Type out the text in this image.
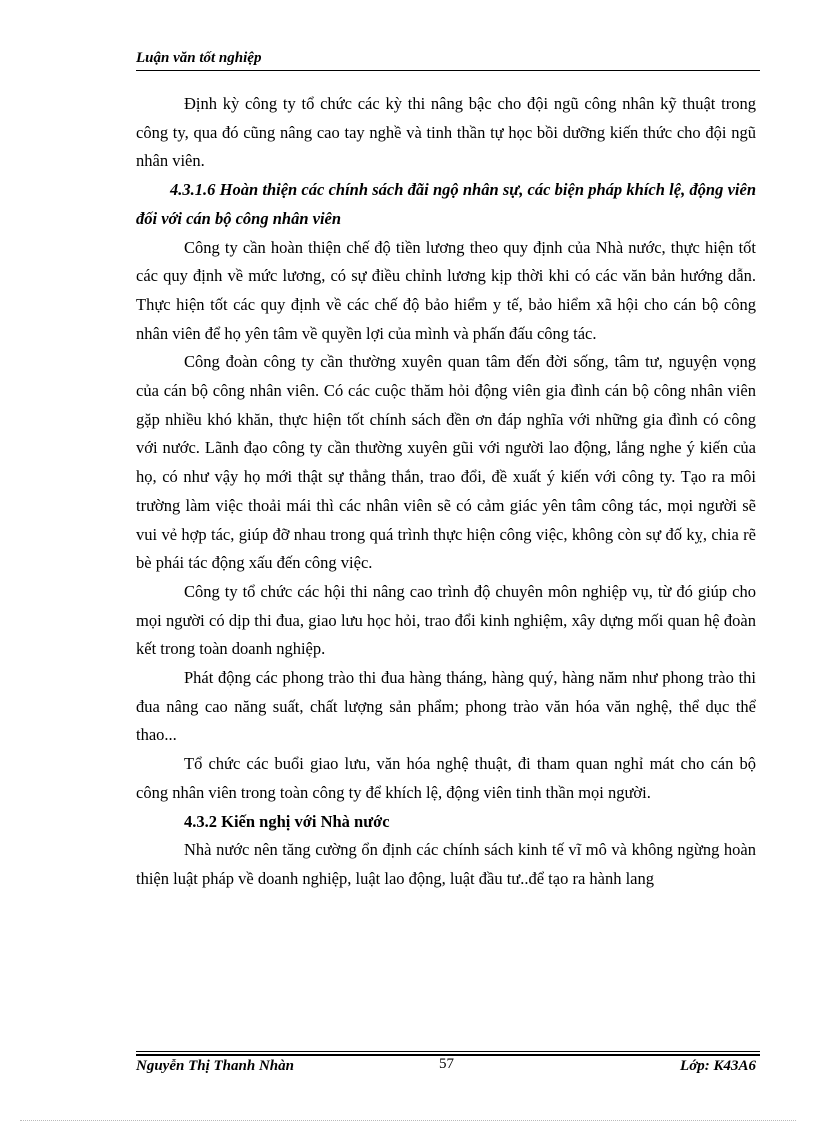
Luận văn tốt nghiệp

Định kỳ công ty tổ chức các kỳ thi nâng bậc cho đội ngũ công nhân kỹ thuật trong công ty, qua đó cũng nâng cao tay nghề và tinh thần tự học bồi dưỡng kiến thức cho đội ngũ nhân viên.

4.3.1.6 Hoàn thiện các chính sách đãi ngộ nhân sự, các biện pháp khích lệ, động viên đối với cán bộ công nhân viên

Công ty cần hoàn thiện chế độ tiền lương theo quy định của Nhà nước, thực hiện tốt các quy định về mức lương, có sự điều chỉnh lương kịp thời khi có các văn bản hướng dẫn. Thực hiện tốt các quy định về các chế độ bảo hiểm y tế, bảo hiểm xã hội cho cán bộ công nhân viên để họ yên tâm về quyền lợi của mình và phấn đấu công tác.

Công đoàn công ty cần thường xuyên quan tâm đến đời sống, tâm tư, nguyện vọng của cán bộ công nhân viên. Có các cuộc thăm hỏi động viên gia đình cán bộ công nhân viên gặp nhiều khó khăn, thực hiện tốt chính sách đền ơn đáp nghĩa với những gia đình có công với nước. Lãnh đạo công ty cần thường xuyên gũi với người lao động, lắng nghe ý kiến của họ, có như vậy họ mới thật sự thẳng thắn, trao đổi, đề xuất ý kiến với công ty. Tạo ra môi trường làm việc thoải mái thì các nhân viên sẽ có cảm giác yên tâm công tác, mọi người sẽ vui vẻ hợp tác, giúp đỡ nhau trong quá trình thực hiện công việc, không còn sự đố kỵ, chia rẽ bè phái tác động xấu đến công việc.

Công ty tổ chức các hội thi nâng cao trình độ chuyên môn nghiệp vụ, từ đó giúp cho mọi người có dịp thi đua, giao lưu học hỏi, trao đổi kinh nghiệm, xây dựng mối quan hệ đoàn kết trong toàn doanh nghiệp.

Phát động các phong trào thi đua hàng tháng, hàng quý, hàng năm như phong trào thi đua nâng cao năng suất, chất lượng sản phẩm; phong trào văn hóa văn nghệ, thể dục thể thao...

Tổ chức các buổi giao lưu, văn hóa nghệ thuật, đi tham quan nghỉ mát cho cán bộ công nhân viên trong toàn công ty để khích lệ, động viên tinh thần mọi người.

4.3.2 Kiến nghị với Nhà nước

Nhà nước nên tăng cường ổn định các chính sách kinh tế vĩ mô và không ngừng hoàn thiện luật pháp về doanh nghiệp, luật lao động, luật đầu tư..để tạo ra hành lang

Nguyễn Thị Thanh Nhàn	57	Lớp: K43A6
